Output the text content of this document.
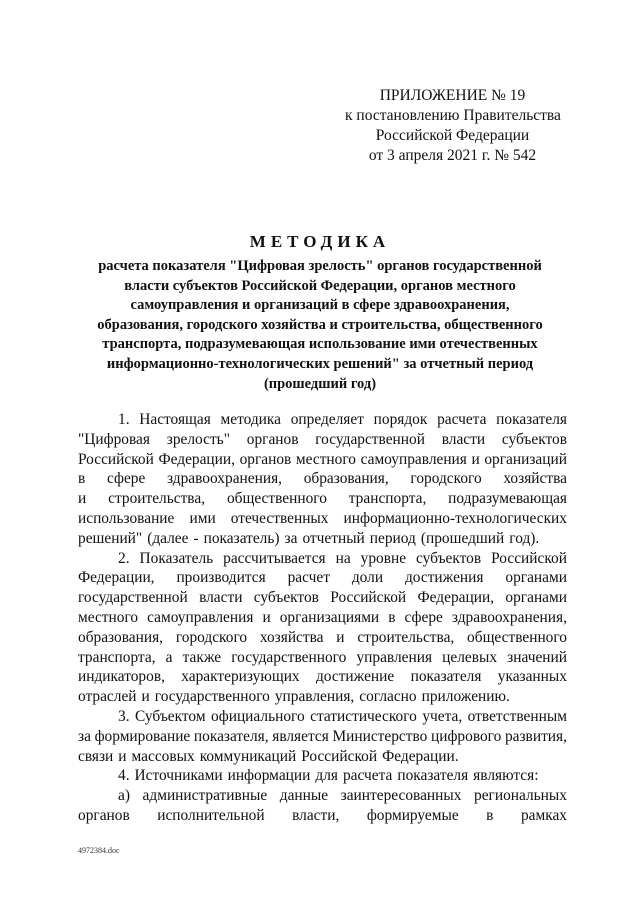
ПРИЛОЖЕНИЕ № 19
к постановлению Правительства
Российской Федерации
от 3 апреля 2021 г. № 542
МЕТОДИКА
расчета показателя "Цифровая зрелость" органов государственной
власти субъектов Российской Федерации, органов местного
самоуправления и организаций в сфере здравоохранения,
образования, городского хозяйства и строительства, общественного
транспорта, подразумевающая использование ими отечественных
информационно-технологических решений" за отчетный период
(прошедший год)
1. Настоящая методика определяет порядок расчета показателя
"Цифровая зрелость" органов государственной власти субъектов
Российской Федерации, органов местного самоуправления и организаций
в сфере здравоохранения, образования, городского хозяйства
и строительства, общественного транспорта, подразумевающая
использование ими отечественных информационно-технологических
решений" (далее - показатель) за отчетный период (прошедший год).
2. Показатель рассчитывается на уровне субъектов Российской
Федерации, производится расчет доли достижения органами
государственной власти субъектов Российской Федерации, органами
местного самоуправления и организациями в сфере здравоохранения,
образования, городского хозяйства и строительства, общественного
транспорта, а также государственного управления целевых значений
индикаторов, характеризующих достижение показателя указанных
отраслей и государственного управления, согласно приложению.
3. Субъектом официального статистического учета, ответственным
за формирование показателя, является Министерство цифрового развития,
связи и массовых коммуникаций Российской Федерации.
4. Источниками информации для расчета показателя являются:
а) административные данные заинтересованных региональных
органов исполнительной власти, формируемые в рамках
4972384.doc
